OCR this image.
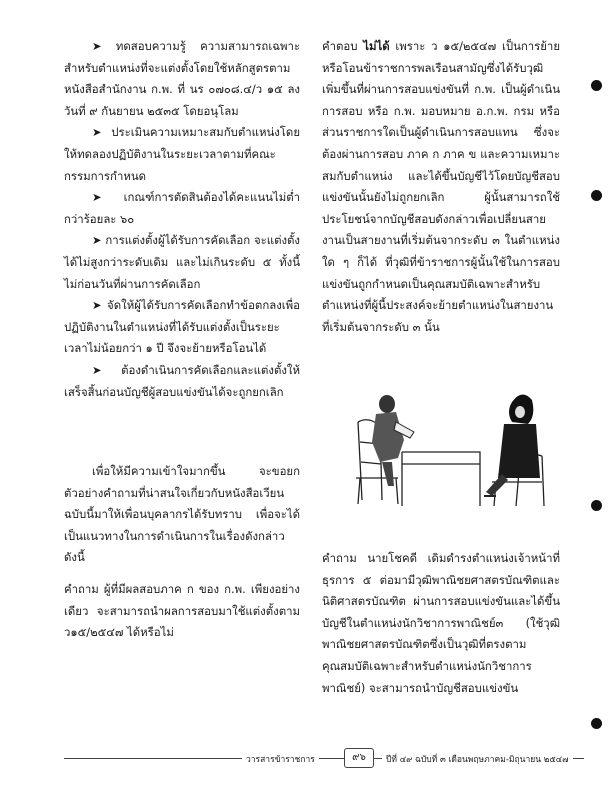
➤ ทดสอบความรู้ ความสามารถเฉพาะสำหรับตำแหน่งที่จะแต่งตั้งโดยใช้หลักสูตรตามหนังสือสำนักงาน ก.พ. ที่ นร ๐๗๐๘.๔/ว ๑๕ ลงวันที่ ๙ กันยายน ๒๕๓๕ โดยอนุโลม

➤ ประเมินความเหมาะสมกับตำแหน่งโดยให้ทดลองปฏิบัติงานในระยะเวลาตามที่คณะกรรมการกำหนด

➤ เกณฑ์การตัดสินต้องได้คะแนนไม่ต่ำกว่าร้อยละ ๖๐

➤ การแต่งตั้งผู้ได้รับการคัดเลือก จะแต่งตั้งได้ไม่สูงกว่าระดับเดิม และไม่เกินระดับ ๕ ทั้งนี้ ไม่ก่อนวันที่ผ่านการคัดเลือก

➤ จัดให้ผู้ได้รับการคัดเลือกทำข้อตกลงเพื่อปฏิบัติงานในตำแหน่งที่ได้รับแต่งตั้งเป็นระยะเวลาไม่น้อยกว่า ๑ ปี จึงจะย้ายหรือโอนได้

➤ ต้องดำเนินการคัดเลือกและแต่งตั้งให้เสร็จสิ้นก่อนบัญชีผู้สอบแข่งขันได้จะถูกยกเลิก

เพื่อให้มีความเข้าใจมากขึ้น จะขอยกตัวอย่างคำถามที่น่าสนใจเกี่ยวกับหนังสือเวียนฉบับนี้มาให้เพื่อนบุคลากรได้รับทราบ เพื่อจะได้เป็นแนวทางในการดำเนินการในเรื่องดังกล่าว ดังนี้

คำถาม ผู้ที่มีผลสอบภาค ก ของ ก.พ. เพียงอย่างเดียว จะสามารถนำผลการสอบมาใช้แต่งตั้งตาม ว๑๕/๒๕๔๗ ได้หรือไม่

คำตอบ ไม่ได้ เพราะ ว ๑๕/๒๕๔๗ เป็นการย้ายหรือโอนข้าราชการพลเรือนสามัญซึ่งได้รับวุฒิเพิ่มขึ้นที่ผ่านการสอบแข่งขันที่ ก.พ. เป็นผู้ดำเนินการสอบ หรือ ก.พ. มอบหมาย อ.ก.พ. กรม หรือส่วนราชการใดเป็นผู้ดำเนินการสอบแทน ซึ่งจะต้องผ่านการสอบ ภาค ก ภาค ข และความเหมาะสมกับตำแหน่ง และได้ขึ้นบัญชีไว้โดยบัญชีสอบแข่งขันนั้นยังไม่ถูกยกเลิก ผู้นั้นสามารถใช้ประโยชน์จากบัญชีสอบดังกล่าวเพื่อเปลี่ยนสายงานเป็นสายงานที่เริ่มต้นจากระดับ ๓ ในตำแหน่งใด ๆ ก็ได้ ที่วุฒิที่ข้าราชการผู้นั้นใช้ในการสอบแข่งขันถูกกำหนดเป็นคุณสมบัติเฉพาะสำหรับตำแหน่งที่ผู้นี้ประสงค์จะย้ายตำแหน่งในสายงานที่เริ่มต้นจากระดับ ๓ นั้น

คำถาม นายโชคดี เดิมดำรงตำแหน่งเจ้าหน้าที่ธุรการ ๕ ต่อมามีวุฒิพาณิชยศาสตรบัณฑิตและนิติศาสตรบัณฑิต ผ่านการสอบแข่งขันและได้ขึ้นบัญชีในตำแหน่งนักวิชาการพาณิชย์๓ (ใช้วุฒิพาณิชยศาสตรบัณฑิตซึ่งเป็นวุฒิที่ตรงตามคุณสมบัติเฉพาะสำหรับตำแหน่งนักวิชาการพาณิชย์) จะสามารถนำบัญชีสอบแข่งขัน

วารสารข้าราชการ	๙๖	ปีที่ ๔๙ ฉบับที่ ๓ เดือนพฤษภาคม-มิถุนายน ๒๕๔๗
